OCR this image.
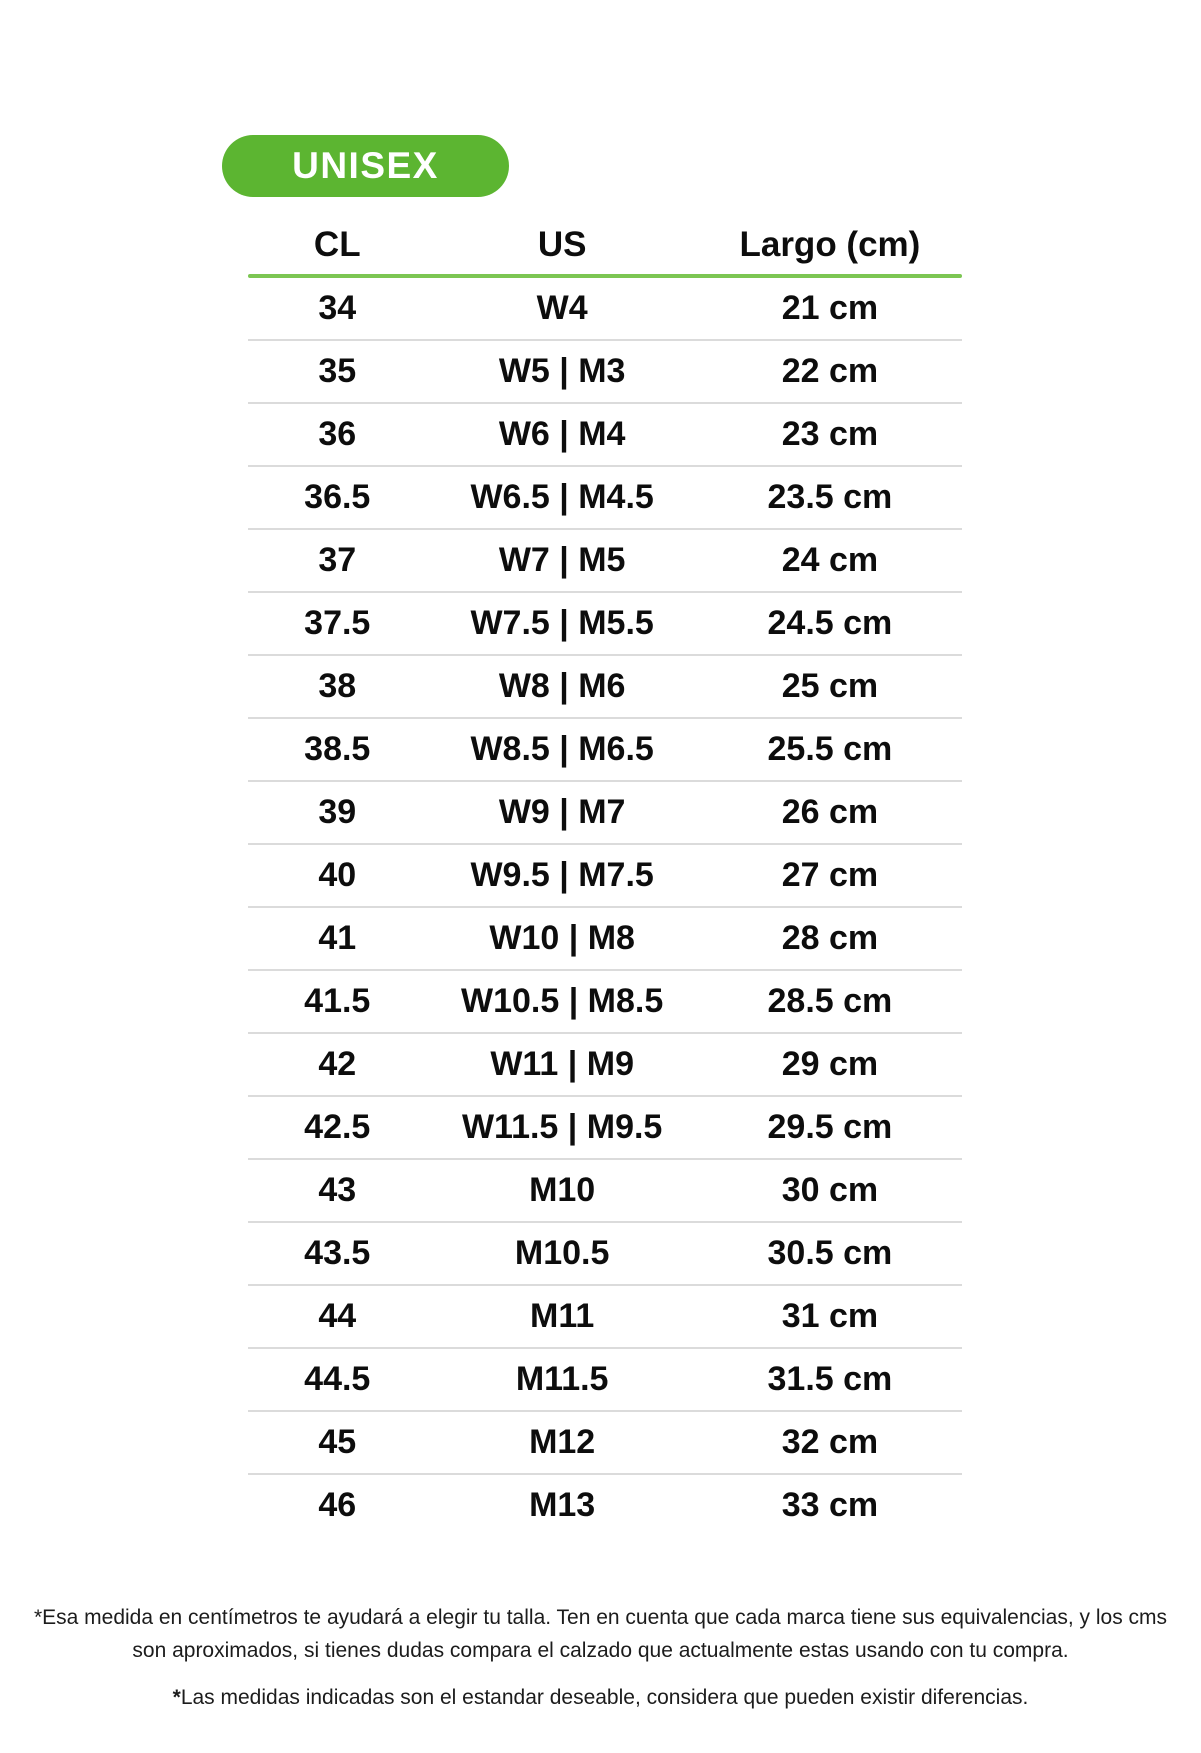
UNISEX
CL	US	Largo (cm)
34	W4	21 cm
35	W5 | M3	22 cm
36	W6 | M4	23 cm
36.5	W6.5 | M4.5	23.5 cm
37	W7 | M5	24 cm
37.5	W7.5 | M5.5	24.5 cm
38	W8 | M6	25 cm
38.5	W8.5 | M6.5	25.5 cm
39	W9 | M7	26 cm
40	W9.5 | M7.5	27 cm
41	W10 | M8	28 cm
41.5	W10.5 | M8.5	28.5 cm
42	W11 | M9	29 cm
42.5	W11.5 | M9.5	29.5 cm
43	M10	30 cm
43.5	M10.5	30.5 cm
44	M11	31 cm
44.5	M11.5	31.5 cm
45	M12	32 cm
46	M13	33 cm

*Esa medida en centímetros te ayudará a elegir tu talla. Ten en cuenta que cada marca tiene sus equivalencias, y los cms son aproximados, si tienes dudas compara el calzado que actualmente estas usando con tu compra.

*Las medidas indicadas son el estandar deseable, considera que pueden existir diferencias.
